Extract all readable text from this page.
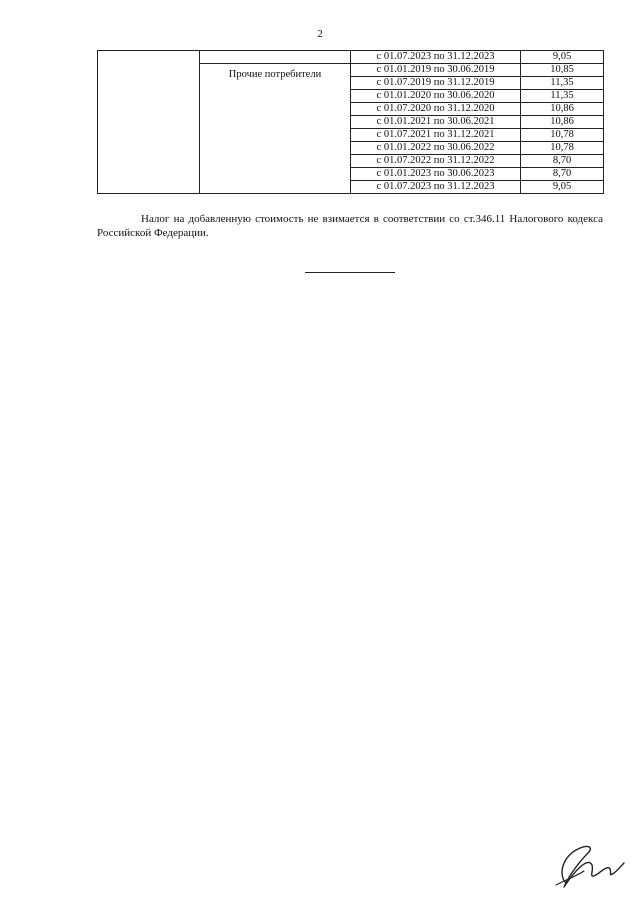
2
		с 01.07.2023 по 31.12.2023	9,05
	Прочие потребители	с 01.01.2019 по 30.06.2019	10,85
		с 01.07.2019 по 31.12.2019	11,35
		с 01.01.2020 по 30.06.2020	11,35
		с 01.07.2020 по 31.12.2020	10,86
		с 01.01.2021 по 30.06.2021	10,86
		с 01.07.2021 по 31.12.2021	10,78
		с 01.01.2022 по 30.06.2022	10,78
		с 01.07.2022 по 31.12.2022	8,70
		с 01.01.2023 по 30.06.2023	8,70
		с 01.07.2023 по 31.12.2023	9,05

Налог на добавленную стоимость не взимается в соответствии со ст.346.11 Налогового кодекса Российской Федерации.
